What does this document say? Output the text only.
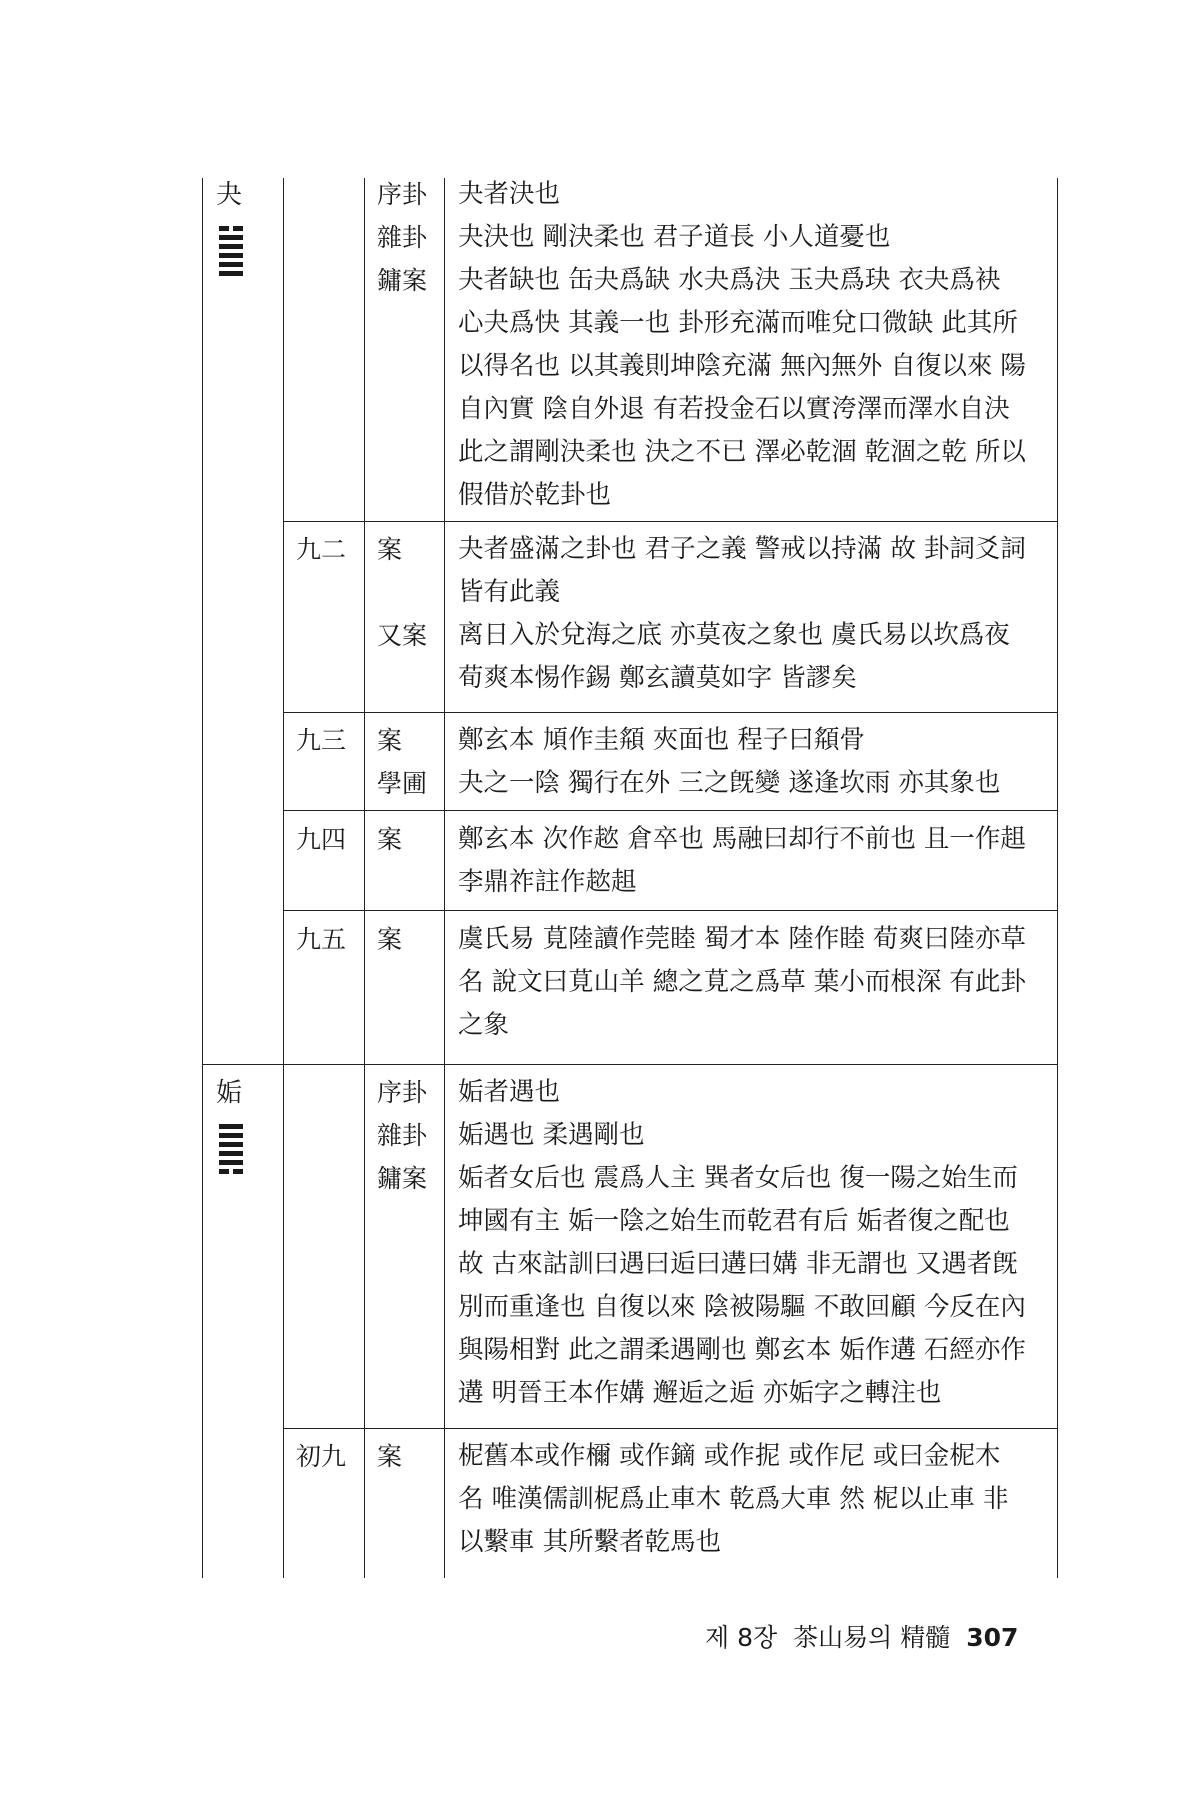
夬	序卦
雜卦
鏞案
夬者決也
夬決也 剛決柔也 君子道長 小人道憂也
夬者缺也 缶夬爲缺 水夬爲決 玉夬爲玦 衣夬爲袂
心夬爲快 其義一也 卦形充滿而唯兌口微缺 此其所
以得名也 以其義則坤陰充滿 無內無外 自復以來 陽
自內實 陰自外退 有若投金石以實洿澤而澤水自決
此之謂剛決柔也 決之不已 澤必乾涸 乾涸之乾 所以
假借於乾卦也
九二 案
又案
夬者盛滿之卦也 君子之義 警戒以持滿 故 卦詞爻詞
皆有此義
离日入於兌海之底 亦莫夜之象也 虞氏易以坎爲夜
荀爽本惕作錫 鄭玄讀莫如字 皆謬矣
九三 案
學圃
鄭玄本 頄作圭頯 夾面也 程子曰頯骨
夬之一陰 獨行在外 三之旣變 遂逢坎雨 亦其象也
九四 案 鄭玄本 次作趑 倉卒也 馬融曰却行不前也 且一作趄
李鼎祚註作趑趄
九五 案 虞氏易 莧陸讀作莞睦 蜀才本 陸作睦 荀爽曰陸亦草
名 說文曰莧山羊 總之莧之爲草 葉小而根深 有此卦
之象
姤	序卦
雜卦
鏞案
姤者遇也
姤遇也 柔遇剛也
姤者女后也 震爲人主 巽者女后也 復一陽之始生而
坤國有主 姤一陰之始生而乾君有后 姤者復之配也
故 古來詁訓曰遇曰逅曰遘曰媾 非无謂也 又遇者旣
別而重逢也 自復以來 陰被陽驅 不敢回顧 今反在內
與陽相對 此之謂柔遇剛也 鄭玄本 姤作遘 石經亦作
遘 明晉王本作媾 邂逅之逅 亦姤字之轉注也
初九 案 柅舊本或作檷 或作鏑 或作抳 或作尼 或曰金柅木
名 唯漢儒訓柅爲止車木 乾爲大車 然 柅以止車 非
以繫車 其所繫者乾馬也
제 8장 茶山易의 精髓 307
